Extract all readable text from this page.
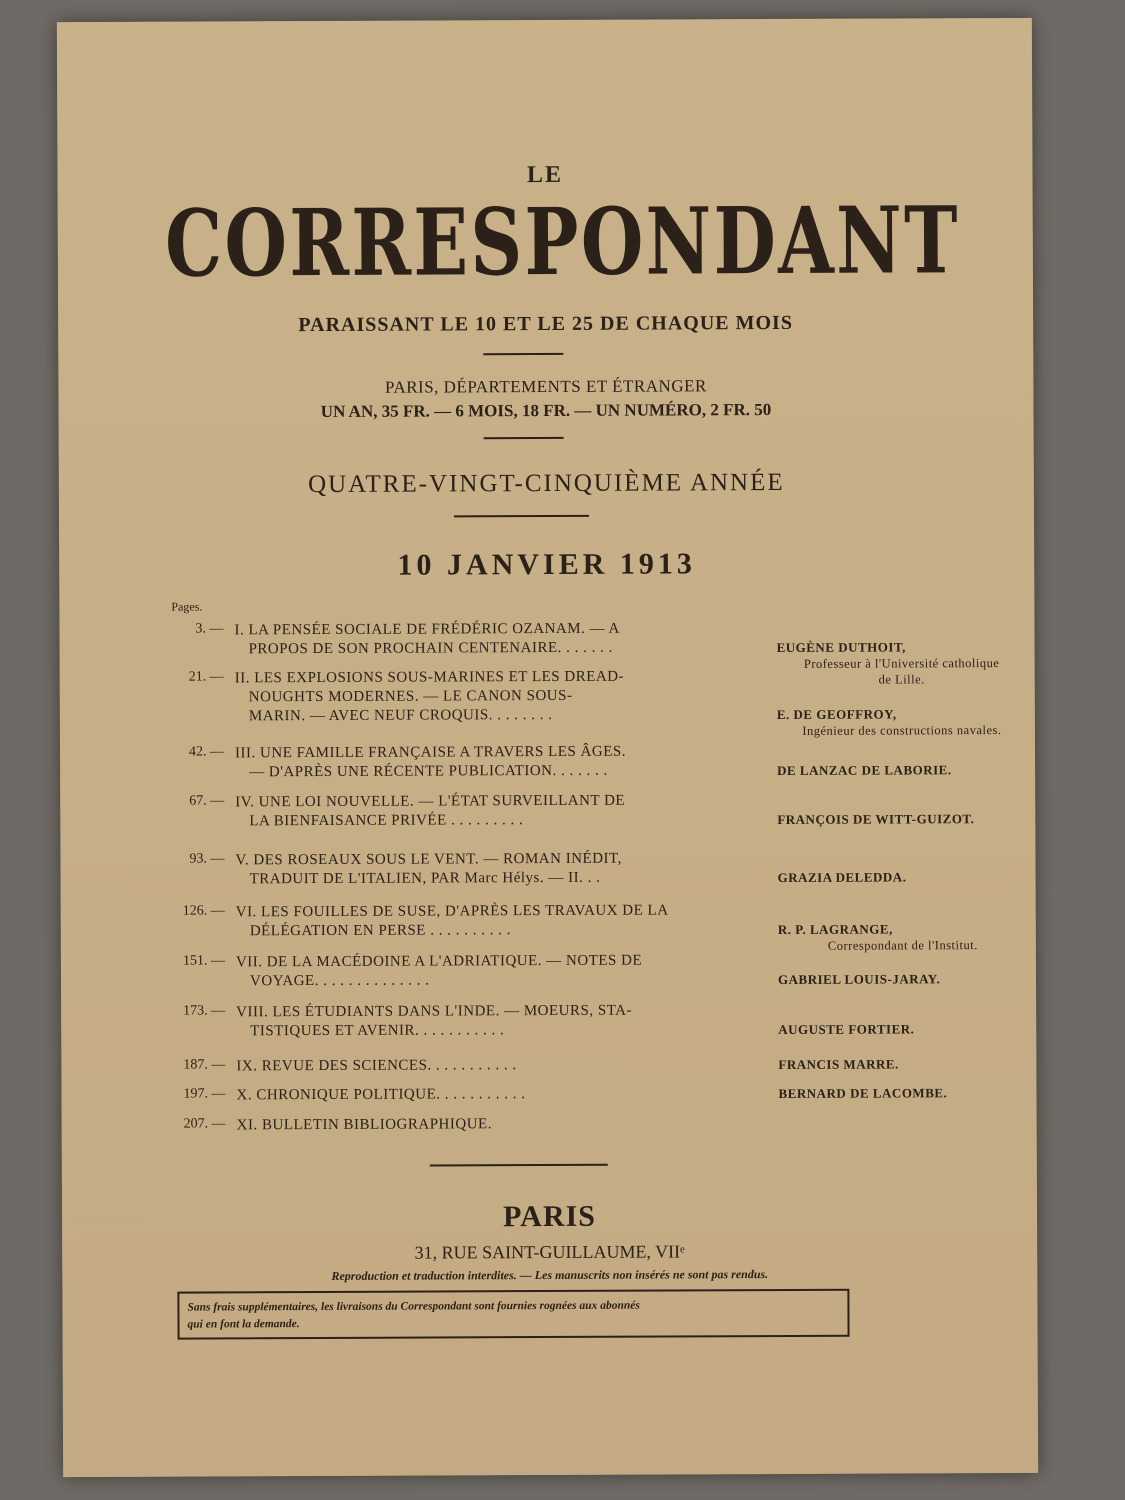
LE
CORRESPONDANT
PARAISSANT LE 10 ET LE 25 DE CHAQUE MOIS
PARIS, DÉPARTEMENTS ET ÉTRANGER
UN AN, 35 FR. — 6 MOIS, 18 FR. — UN NUMÉRO, 2 FR. 50
QUATRE-VINGT-CINQUIÈME ANNÉE
10 JANVIER 1913
Pages.
3. — I. LA PENSÉE SOCIALE DE FRÉDÉRIC OZANAM. — A
PROPOS DE SON PROCHAIN CENTENAIRE. . . . . . .	EUGÈNE DUTHOIT,
Professeur à l'Université catholique de Lille.
21. — II. LES EXPLOSIONS SOUS-MARINES ET LES DREAD-
NOUGHTS MODERNES. — LE CANON SOUS-
MARIN. — AVEC NEUF CROQUIS. . . . . . . .	E. DE GEOFFROY,
Ingénieur des constructions navales.
42. — III. UNE FAMILLE FRANÇAISE A TRAVERS LES ÂGES.
— D'APRÈS UNE RÉCENTE PUBLICATION. . . . . . .	DE LANZAC DE LABORIE.
67. — IV. UNE LOI NOUVELLE. — L'ÉTAT SURVEILLANT DE
LA BIENFAISANCE PRIVÉE . . . . . . . . .	FRANÇOIS DE WITT-GUIZOT.
93. — V. DES ROSEAUX SOUS LE VENT. — ROMAN INÉDIT,
TRADUIT DE L'ITALIEN, PAR Marc Hélys. — II. . .	GRAZIA DELEDDA.
126. — VI. LES FOUILLES DE SUSE, D'APRÈS LES TRAVAUX DE LA
DÉLÉGATION EN PERSE . . . . . . . . . .	R. P. LAGRANGE,
Correspondant de l'Institut.
151. — VII. DE LA MACÉDOINE A L'ADRIATIQUE. — NOTES DE
VOYAGE. . . . . . . . . . . . . .	GABRIEL LOUIS-JARAY.
173. — VIII. LES ÉTUDIANTS DANS L'INDE. — MOEURS, STA-
TISTIQUES ET AVENIR. . . . . . . . . . .	AUGUSTE FORTIER.
187. — IX. REVUE DES SCIENCES. . . . . . . . . . .	FRANCIS MARRE.
197. — X. CHRONIQUE POLITIQUE. . . . . . . . . . .	BERNARD DE LACOMBE.
207. — XI. BULLETIN BIBLIOGRAPHIQUE.
PARIS
31, RUE SAINT-GUILLAUME, VIIᵉ
Reproduction et traduction interdites. — Les manuscrits non insérés ne sont pas rendus.
Sans frais supplémentaires, les livraisons du Correspondant sont fournies rognées aux abonnés
qui en font la demande.
